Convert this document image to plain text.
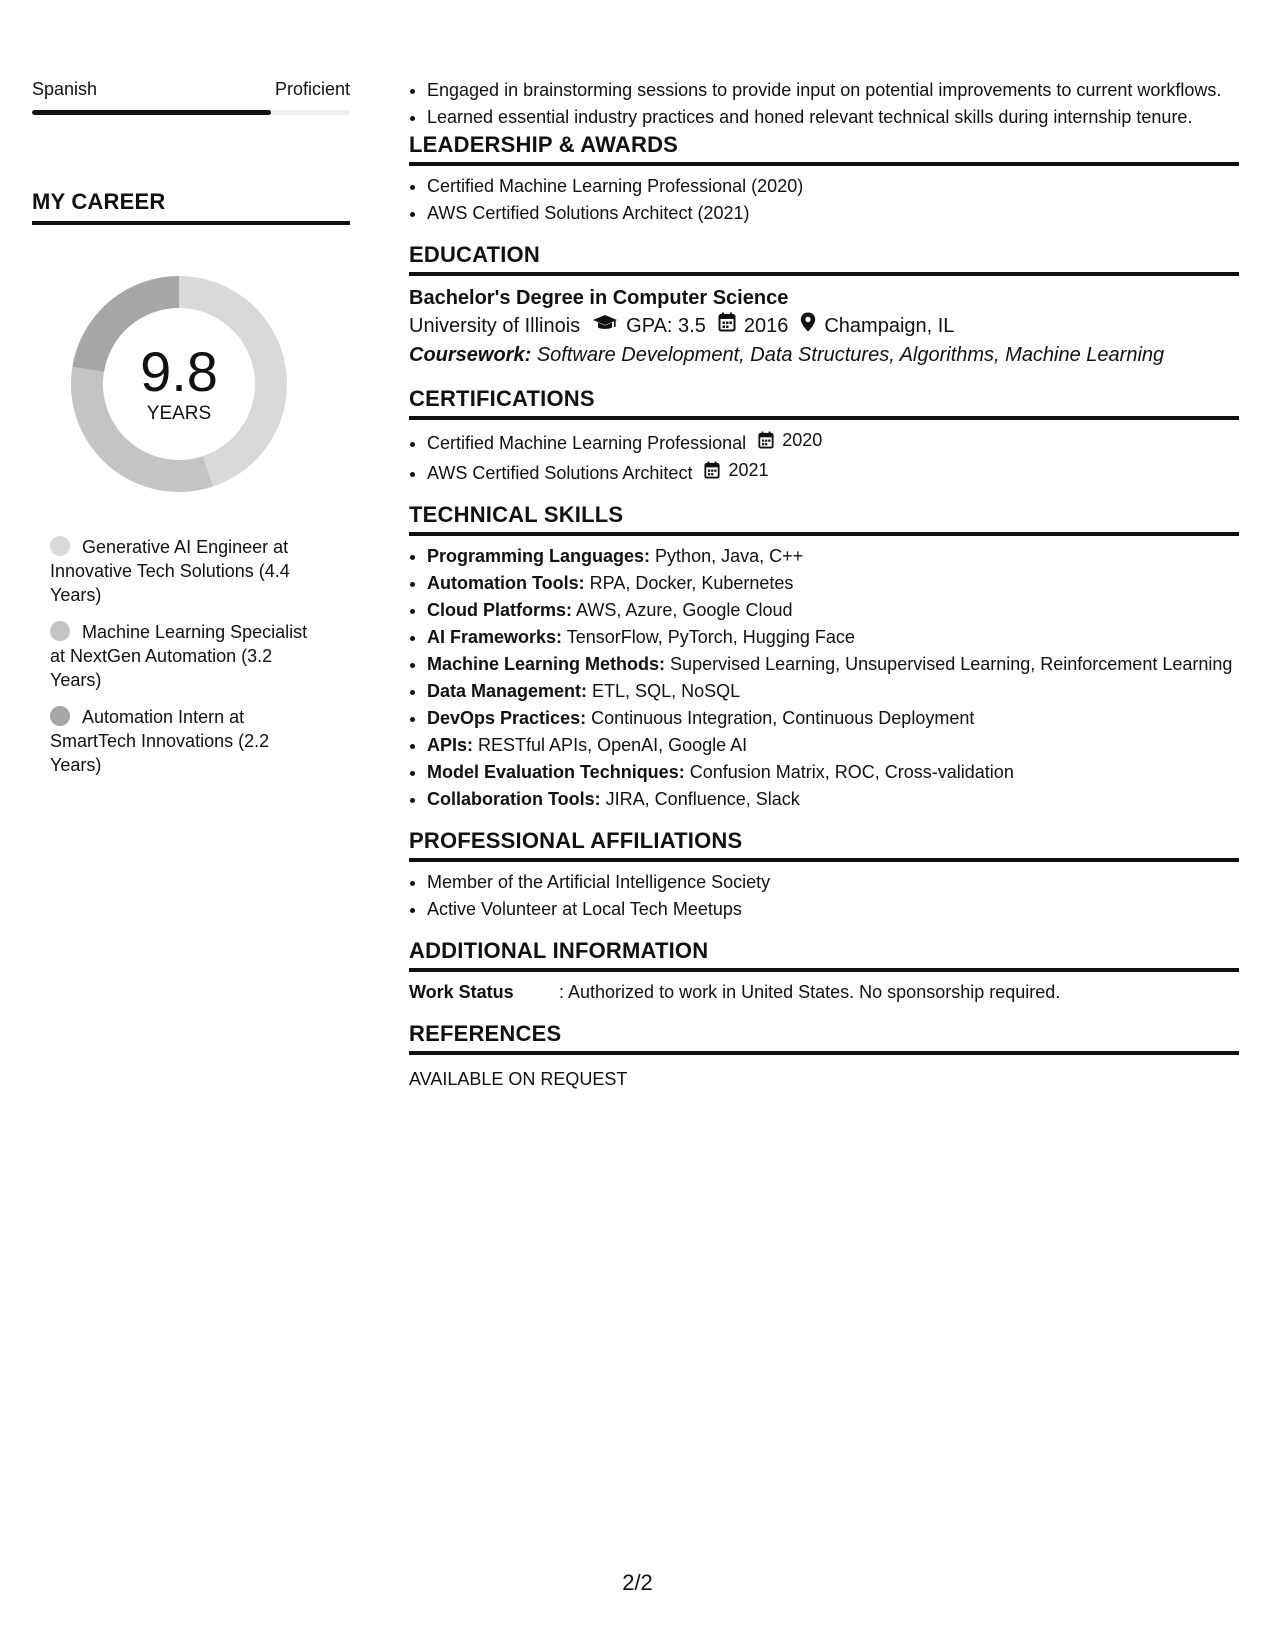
Spanish	Proficient
MY CAREER
9.8
YEARS
Generative AI Engineer at Innovative Tech Solutions (4.4 Years)
Machine Learning Specialist at NextGen Automation (3.2 Years)
Automation Intern at SmartTech Innovations (2.2 Years)
• Engaged in brainstorming sessions to provide input on potential improvements to current workflows.
• Learned essential industry practices and honed relevant technical skills during internship tenure.
LEADERSHIP & AWARDS
• Certified Machine Learning Professional (2020)
• AWS Certified Solutions Architect (2021)
EDUCATION
Bachelor's Degree in Computer Science
University of Illinois GPA: 3.5 2016 Champaign, IL
Coursework: Software Development, Data Structures, Algorithms, Machine Learning
CERTIFICATIONS
• Certified Machine Learning Professional 2020
• AWS Certified Solutions Architect 2021
TECHNICAL SKILLS
• Programming Languages: Python, Java, C++
• Automation Tools: RPA, Docker, Kubernetes
• Cloud Platforms: AWS, Azure, Google Cloud
• AI Frameworks: TensorFlow, PyTorch, Hugging Face
• Machine Learning Methods: Supervised Learning, Unsupervised Learning, Reinforcement Learning
• Data Management: ETL, SQL, NoSQL
• DevOps Practices: Continuous Integration, Continuous Deployment
• APIs: RESTful APIs, OpenAI, Google AI
• Model Evaluation Techniques: Confusion Matrix, ROC, Cross-validation
• Collaboration Tools: JIRA, Confluence, Slack
PROFESSIONAL AFFILIATIONS
• Member of the Artificial Intelligence Society
• Active Volunteer at Local Tech Meetups
ADDITIONAL INFORMATION
Work Status	: Authorized to work in United States. No sponsorship required.
REFERENCES
AVAILABLE ON REQUEST
2/2
